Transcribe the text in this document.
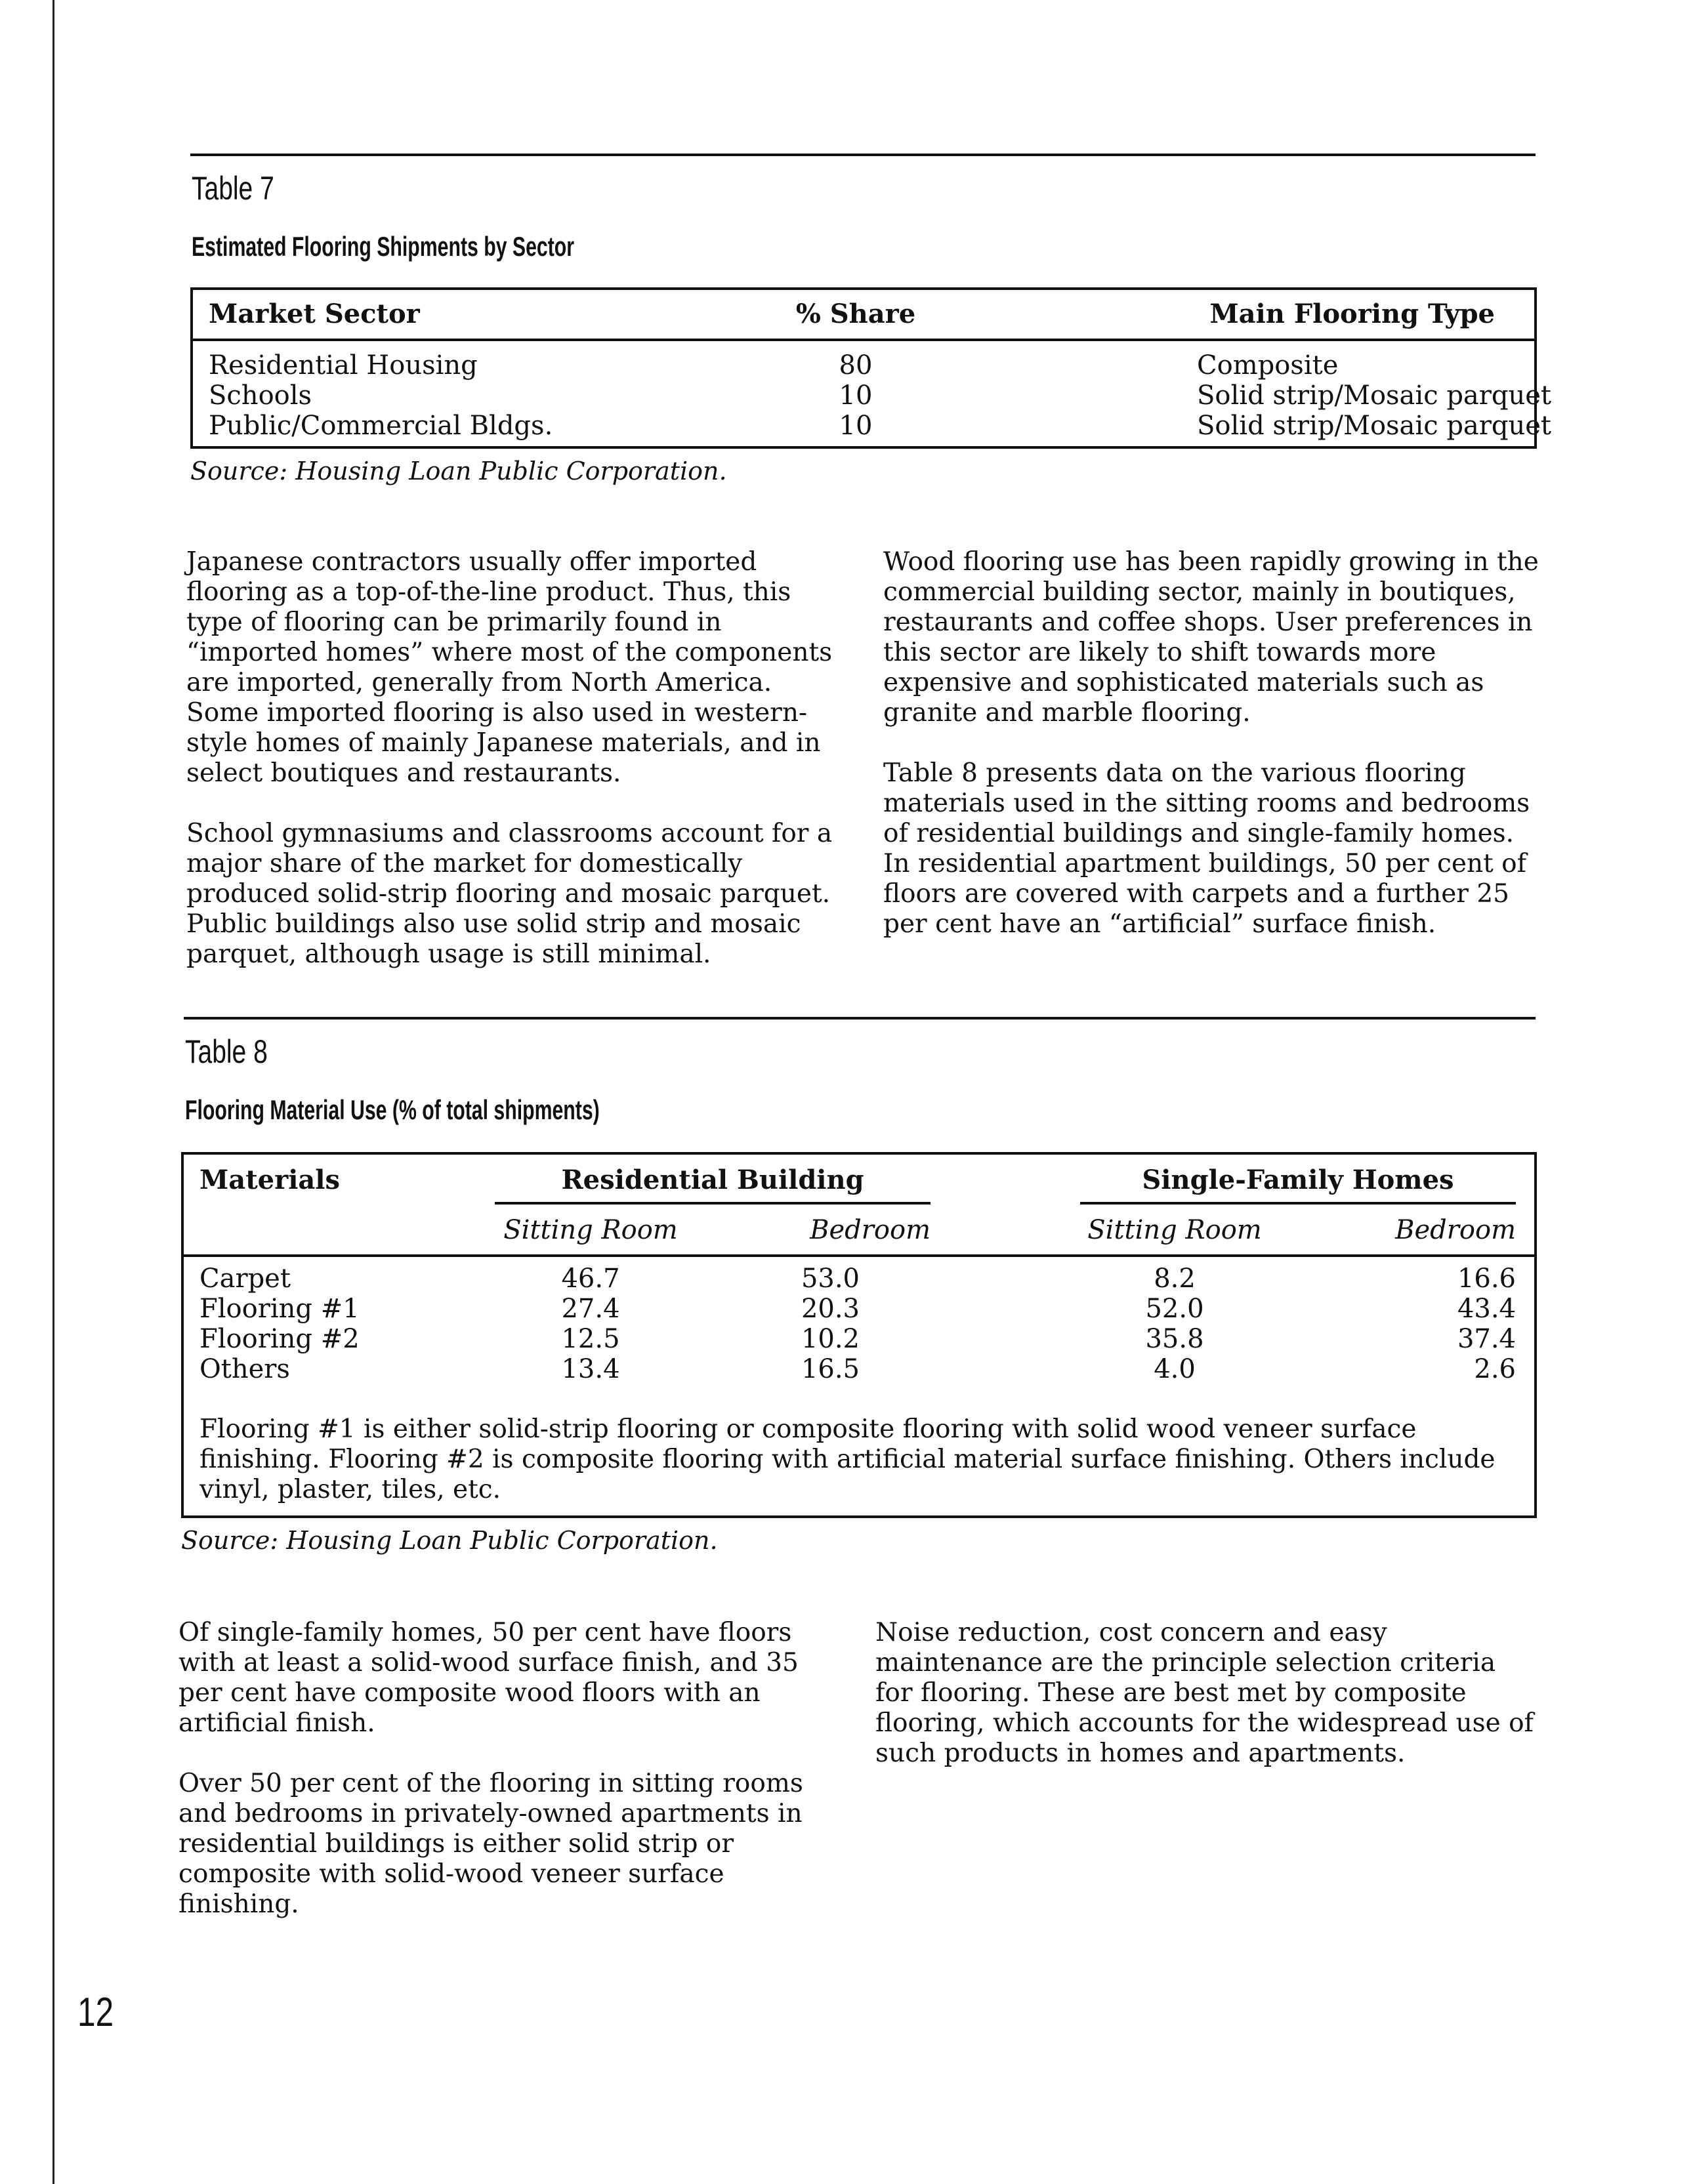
Table 7
Estimated Flooring Shipments by Sector
Market Sector	% Share	Main Flooring Type
Residential Housing	80	Composite
Schools	10	Solid strip/Mosaic parquet
Public/Commercial Bldgs.	10	Solid strip/Mosaic parquet
Source: Housing Loan Public Corporation.

Japanese contractors usually offer imported flooring as a top-of-the-line product. Thus, this type of flooring can be primarily found in “imported homes” where most of the components are imported, generally from North America. Some imported flooring is also used in western-style homes of mainly Japanese materials, and in select boutiques and restaurants.

School gymnasiums and classrooms account for a major share of the market for domestically produced solid-strip flooring and mosaic parquet. Public buildings also use solid strip and mosaic parquet, although usage is still minimal.

Wood flooring use has been rapidly growing in the commercial building sector, mainly in boutiques, restaurants and coffee shops. User preferences in this sector are likely to shift towards more expensive and sophisticated materials such as granite and marble flooring.

Table 8 presents data on the various flooring materials used in the sitting rooms and bedrooms of residential buildings and single-family homes. In residential apartment buildings, 50 per cent of floors are covered with carpets and a further 25 per cent have an “artificial” surface finish.

Table 8
Flooring Material Use (% of total shipments)
Materials	Residential Building	Single-Family Homes
Sitting Room	Bedroom	Sitting Room	Bedroom
Carpet	46.7	53.0	8.2	16.6
Flooring #1	27.4	20.3	52.0	43.4
Flooring #2	12.5	10.2	35.8	37.4
Others	13.4	16.5	4.0	2.6
Flooring #1 is either solid-strip flooring or composite flooring with solid wood veneer surface finishing. Flooring #2 is composite flooring with artificial material surface finishing. Others include vinyl, plaster, tiles, etc.
Source: Housing Loan Public Corporation.

Of single-family homes, 50 per cent have floors with at least a solid-wood surface finish, and 35 per cent have composite wood floors with an artificial finish.

Over 50 per cent of the flooring in sitting rooms and bedrooms in privately-owned apartments in residential buildings is either solid strip or composite with solid-wood veneer surface finishing.

Noise reduction, cost concern and easy maintenance are the principle selection criteria for flooring. These are best met by composite flooring, which accounts for the widespread use of such products in homes and apartments.

12
